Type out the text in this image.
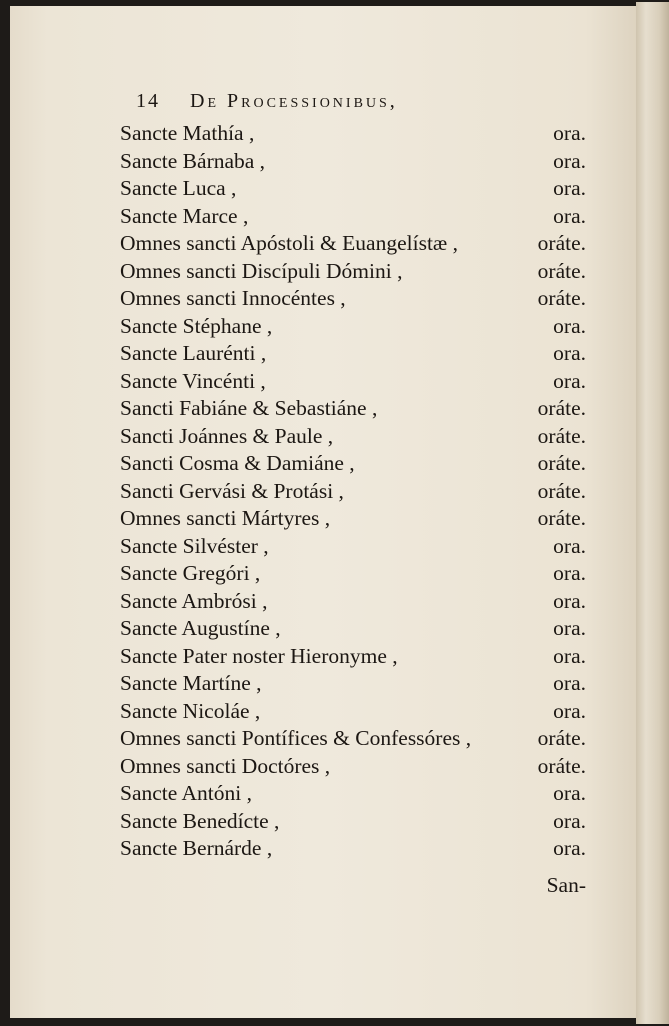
14 De Processionibus,
Sancte Mathía ,	ora.
Sancte Bárnaba ,	ora.
Sancte Luca ,	ora.
Sancte Marce ,	ora.
Omnes sancti Apóstoli & Euangelístæ ,	oráte.
Omnes sancti Discípuli Dómini ,	oráte.
Omnes sancti Innocéntes ,	oráte.
Sancte Stéphane ,	ora.
Sancte Laurénti ,	ora.
Sancte Vincénti ,	ora.
Sancti Fabiáne & Sebastiáne ,	oráte.
Sancti Joánnes & Paule ,	oráte.
Sancti Cosma & Damiáne ,	oráte.
Sancti Gervási & Protási ,	oráte.
Omnes sancti Mártyres ,	oráte.
Sancte Silvéster ,	ora.
Sancte Gregóri ,	ora.
Sancte Ambrósi ,	ora.
Sancte Augustíne ,	ora.
Sancte Pater noster Hieronyme ,	ora.
Sancte Martíne ,	ora.
Sancte Nicoláe ,	ora.
Omnes sancti Pontífices & Confessóres ,	oráte.
Omnes sancti Doctóres ,	oráte.
Sancte Antóni ,	ora.
Sancte Benedícte ,	ora.
Sancte Bernárde ,	ora.
San-
